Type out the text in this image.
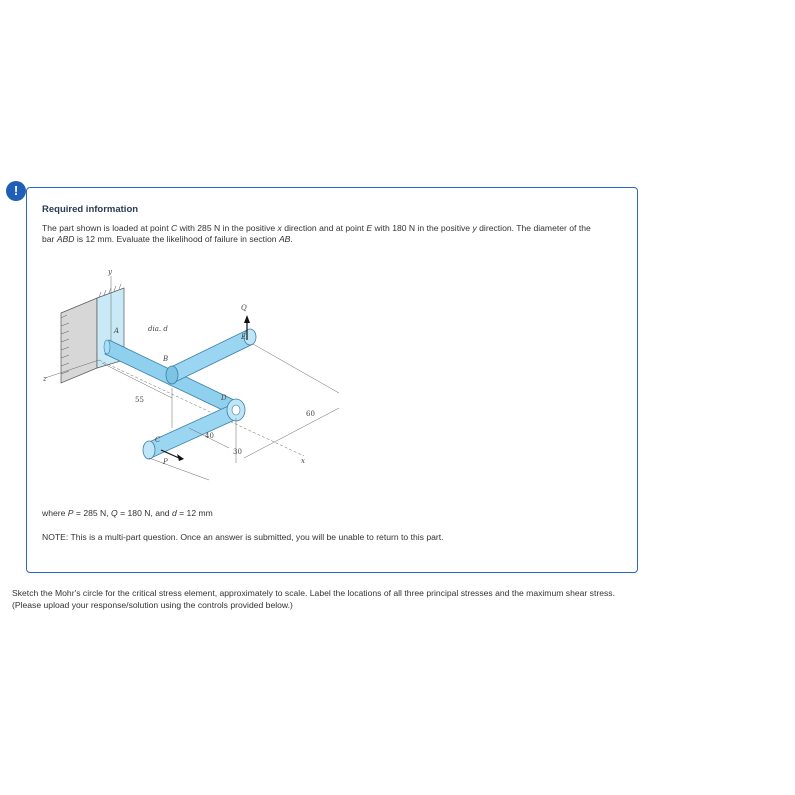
!
Required information
The part shown is loaded at point C with 285 N in the positive x direction and at point E with 180 N in the positive y direction. The diameter of the bar ABD is 12 mm. Evaluate the likelihood of failure in section AB.
y
z
x
A
B
C
D
E
Q
P
dia. d
55
40
30
60
where P = 285 N, Q = 180 N, and d = 12 mm
NOTE: This is a multi-part question. Once an answer is submitted, you will be unable to return to this part.
Sketch the Mohr's circle for the critical stress element, approximately to scale. Label the locations of all three principal stresses and the maximum shear stress.
(Please upload your response/solution using the controls provided below.)
